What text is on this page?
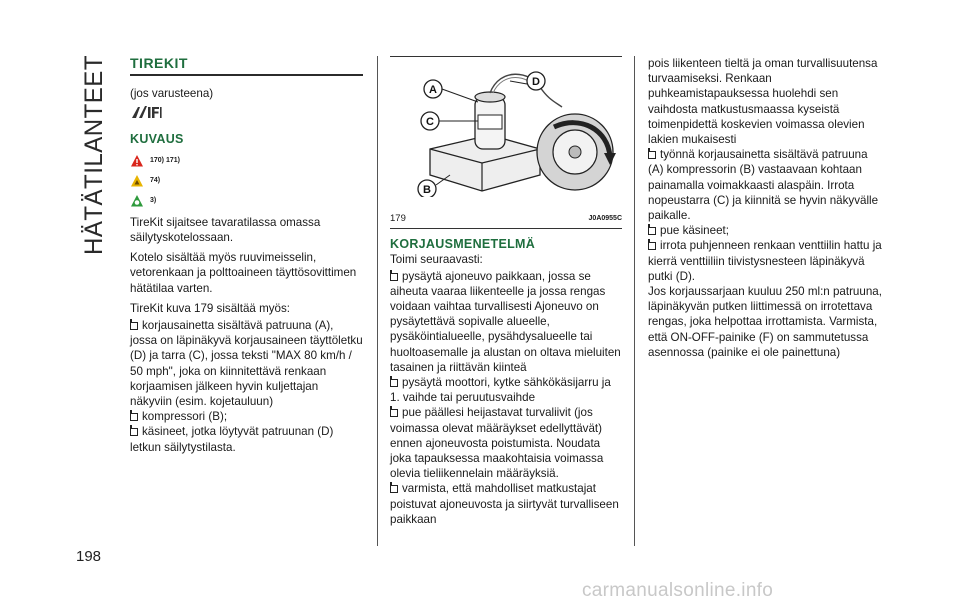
HÄTÄTILANTEET
198
TIREKIT

(jos varusteena)

KUVAUS

170) 171)
74)
3)

TireKit sijaitsee tavaratilassa omassa säilytyskotelossaan.

Kotelo sisältää myös ruuvimeisselin, vetorenkaan ja polttoaineen täyttösovittimen hätätilaa varten.

TireKit kuva 179 sisältää myös:

korjausainetta sisältävä patruuna (A), jossa on läpinäkyvä korjausaineen täyttöletku (D) ja tarra (C), jossa teksti "MAX 80 km/h / 50 mph", joka on kiinnitettävä renkaan korjaamisen jälkeen hyvin kuljettajan näkyviin (esim. kojetauluun)

kompressori (B);

käsineet, jotka löytyvät patruunan (D) letkun säilytystilasta.

A
C
B
D
179	J0A0955C

KORJAUSMENETELMÄ

Toimi seuraavasti:

pysäytä ajoneuvo paikkaan, jossa se aiheuta vaaraa liikenteelle ja jossa rengas voidaan vaihtaa turvallisesti Ajoneuvo on pysäytettävä sopivalle alueelle, pysäköintialueelle, pysähdysalueelle tai huoltoasemalle ja alustan on oltava mieluiten tasainen ja riittävän kiinteä

pysäytä moottori, kytke sähkökäsijarru ja 1. vaihde tai peruutusvaihde

pue päällesi heijastavat turvaliivit (jos voimassa olevat määräykset edellyttävät) ennen ajoneuvosta poistumista. Noudata joka tapauksessa maakohtaisia voimassa olevia tieliikennelain määräyksiä.

varmista, että mahdolliset matkustajat poistuvat ajoneuvosta ja siirtyvät turvalliseen paikkaan

pois liikenteen tieltä ja oman turvallisuutensa turvaamiseksi. Renkaan puhkeamistapauksessa huolehdi sen vaihdosta matkustusmaassa kyseistä toimenpidettä koskevien voimassa olevien lakien mukaisesti

työnnä korjausainetta sisältävä patruuna (A) kompressorin (B) vastaavaan kohtaan painamalla voimakkaasti alaspäin. Irrota nopeustarra (C) ja kiinnitä se hyvin näkyvälle paikalle.

pue käsineet;

irrota puhjenneen renkaan venttiilin hattu ja kierrä venttiiliin tiivistysnesteen läpinäkyvä putki (D).

Jos korjaussarjaan kuuluu 250 ml:n patruuna, läpinäkyvän putken liittimessä on irrotettava rengas, joka helpottaa irrottamista. Varmista, että ON-OFF-painike (F) on sammutetussa asennossa (painike ei ole painettuna)

carmanualsonline.info
